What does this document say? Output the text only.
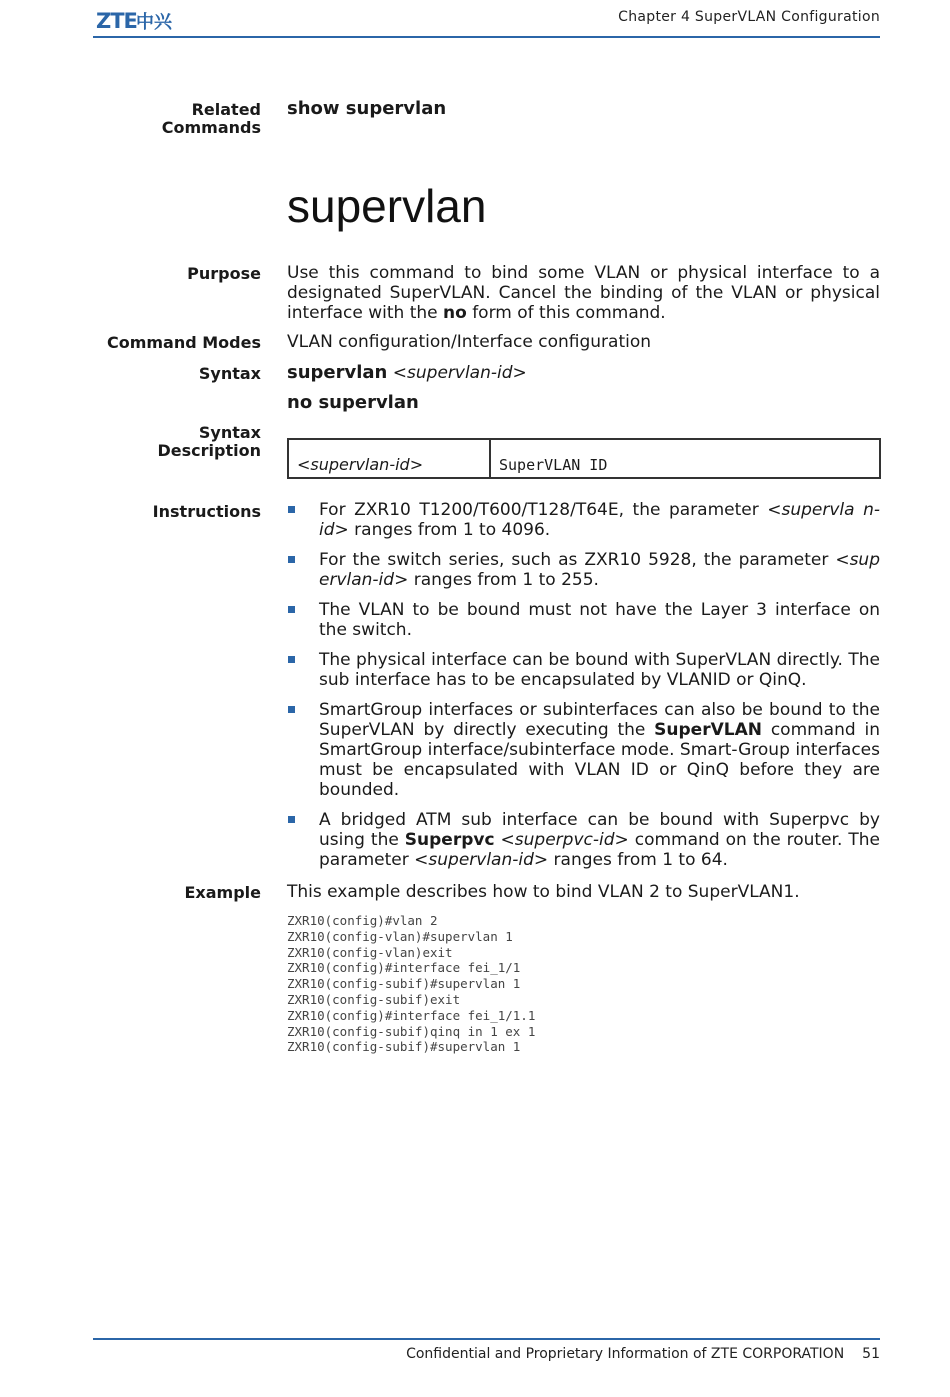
ZTE 中兴	Chapter 4 SuperVLAN Configuration
Related
Commands
show supervlan
supervlan
Purpose Use this command to bind some VLAN or physical interface to a designated SuperVLAN. Cancel the binding of the VLAN or physical interface with the no form of this command.
Command Modes VLAN configuration/Interface configuration
Syntax supervlan <supervlan-id>
no supervlan
Syntax
Description
<supervlan-id>	SuperVLAN ID
Instructions	For ZXR10 T1200/T600/T128/T64E, the parameter <supervla n-id> ranges from 1 to 4096.
For the switch series, such as ZXR10 5928, the parameter <sup ervlan-id> ranges from 1 to 255.
The VLAN to be bound must not have the Layer 3 interface on the switch.
The physical interface can be bound with SuperVLAN directly. The sub interface has to be encapsulated by VLANID or QinQ.
SmartGroup interfaces or subinterfaces can also be bound to the SuperVLAN by directly executing the SuperVLAN command in SmartGroup interface/subinterface mode. Smart-Group interfaces must be encapsulated with VLAN ID or QinQ before they are bounded.
A bridged ATM sub interface can be bound with Superpvc by using the Superpvc <superpvc-id> command on the router. The parameter <supervlan-id> ranges from 1 to 64.
Example This example describes how to bind VLAN 2 to SuperVLAN1.
ZXR10(config)#vlan 2
ZXR10(config-vlan)#supervlan 1
ZXR10(config-vlan)exit
ZXR10(config)#interface fei_1/1
ZXR10(config-subif)#supervlan 1
ZXR10(config-subif)exit
ZXR10(config)#interface fei_1/1.1
ZXR10(config-subif)qinq in 1 ex 1
ZXR10(config-subif)#supervlan 1
Confidential and Proprietary Information of ZTE CORPORATION 51
